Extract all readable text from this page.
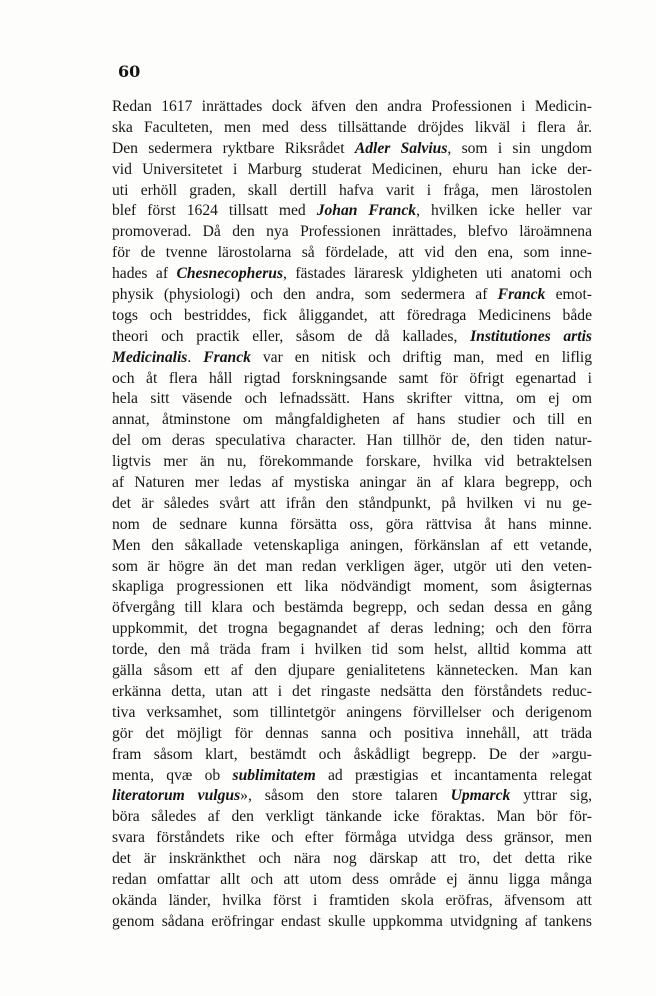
60
Redan 1617 inrättades dock äfven den andra Professionen i Medicin-
ska Faculteten, men med dess tillsättande dröjdes likväl i flera år.
Den sedermera ryktbare Riksrådet Adler Salvius, som i sin ungdom
vid Universitetet i Marburg studerat Medicinen, ehuru han icke der-
uti erhöll graden, skall dertill hafva varit i fråga, men lärostolen
blef först 1624 tillsatt med Johan Franck, hvilken icke heller var
promoverad. Då den nya Professionen inrättades, blefvo läroämnena
för de tvenne lärostolarna så fördelade, att vid den ena, som inne-
hades af Chesnecopherus, fästades läraresk yldigheten uti anatomi och
physik (physiologi) och den andra, som sedermera af Franck emot-
togs och bestriddes, fick åliggandet, att föredraga Medicinens både
theori och practik eller, såsom de då kallades, Institutiones artis
Medicinalis. Franck var en nitisk och driftig man, med en liflig
och åt flera håll rigtad forskningsande samt för öfrigt egenartad i
hela sitt väsende och lefnadssätt. Hans skrifter vittna, om ej om
annat, åtminstone om mångfaldigheten af hans studier och till en
del om deras speculativa character. Han tillhör de, den tiden natur-
ligtvis mer än nu, förekommande forskare, hvilka vid betraktelsen
af Naturen mer ledas af mystiska aningar än af klara begrepp, och
det är således svårt att ifrån den ståndpunkt, på hvilken vi nu ge-
nom de sednare kunna försätta oss, göra rättvisa åt hans minne.
Men den såkallade vetenskapliga aningen, förkänslan af ett vetande,
som är högre än det man redan verkligen äger, utgör uti den veten-
skapliga progressionen ett lika nödvändigt moment, som åsigternas
öfvergång till klara och bestämda begrepp, och sedan dessa en gång
uppkommit, det trogna begagnandet af deras ledning; och den förra
torde, den må träda fram i hvilken tid som helst, alltid komma att
gälla såsom ett af den djupare genialitetens kännetecken. Man kan
erkänna detta, utan att i det ringaste nedsätta den förståndets reduc-
tiva verksamhet, som tillintetgör aningens förvillelser och derigenom
gör det möjligt för dennas sanna och positiva innehåll, att träda
fram såsom klart, bestämdt och åskådligt begrepp. De der »argu-
menta, qvæ ob sublimitatem ad præstigias et incantamenta relegat
literatorum vulgus», såsom den store talaren Upmarck yttrar sig,
böra således af den verkligt tänkande icke föraktas. Man bör för-
svara förståndets rike och efter förmåga utvidga dess gränsor, men
det är inskränkthet och nära nog därskap att tro, det detta rike
redan omfattar allt och att utom dess område ej ännu ligga många
okända länder, hvilka först i framtiden skola eröfras, äfvensom att
genom sådana eröfringar endast skulle uppkomma utvidgning af tankens
